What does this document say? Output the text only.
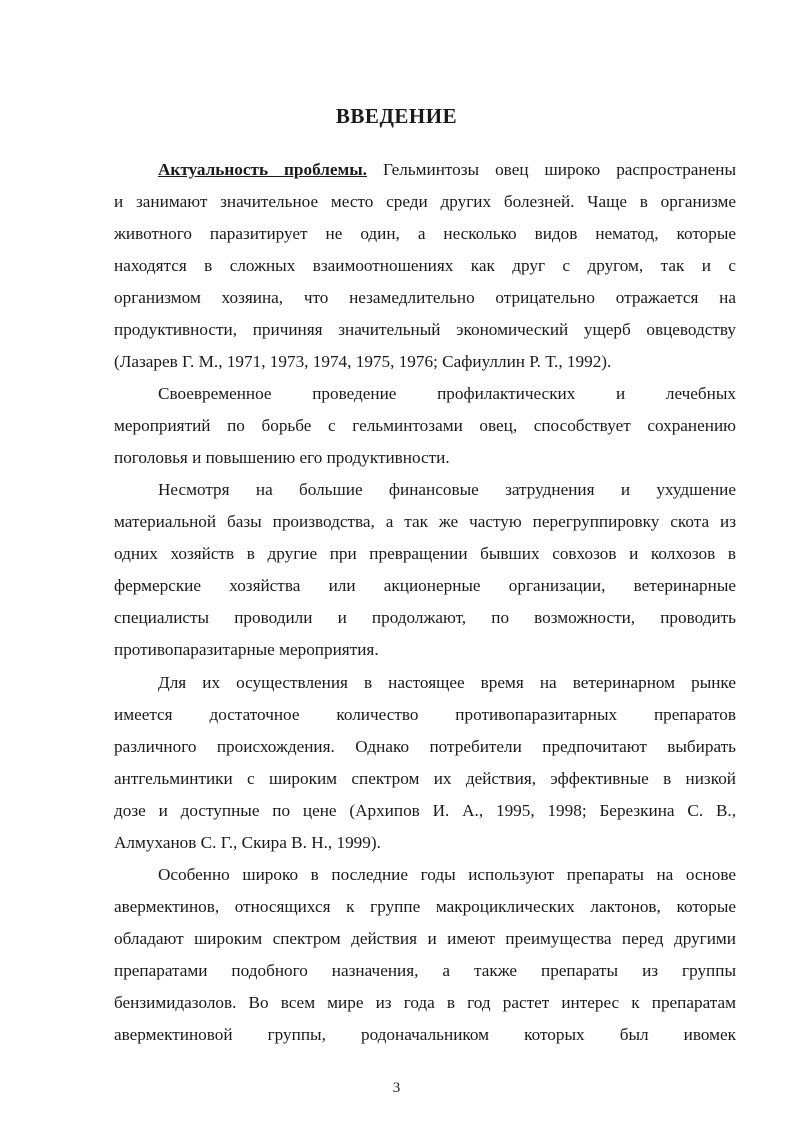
ВВЕДЕНИЕ
Актуальность проблемы. Гельминтозы овец широко распространены
и занимают значительное место среди других болезней. Чаще в организме
животного паразитирует не один, а несколько видов нематод, которые
находятся в сложных взаимоотношениях как друг с другом, так и с
организмом хозяина, что незамедлительно отрицательно отражается на
продуктивности, причиняя значительный экономический ущерб овцеводству
(Лазарев Г. М., 1971, 1973, 1974, 1975, 1976; Сафиуллин Р. Т., 1992).
Своевременное проведение профилактических и лечебных
мероприятий по борьбе с гельминтозами овец, способствует сохранению
поголовья и повышению его продуктивности.
Несмотря на большие финансовые затруднения и ухудшение
материальной базы производства, а так же частую перегруппировку скота из
одних хозяйств в другие при превращении бывших совхозов и колхозов в
фермерские хозяйства или акционерные организации, ветеринарные
специалисты проводили и продолжают, по возможности, проводить
противопаразитарные мероприятия.
Для их осуществления в настоящее время на ветеринарном рынке
имеется достаточное количество противопаразитарных препаратов
различного происхождения. Однако потребители предпочитают выбирать
антгельминтики с широким спектром их действия, эффективные в низкой
дозе и доступные по цене (Архипов И. А., 1995, 1998; Березкина С. В.,
Алмуханов С. Г., Скира В. Н., 1999).
Особенно широко в последние годы используют препараты на основе
авермектинов, относящихся к группе макроциклических лактонов, которые
обладают широким спектром действия и имеют преимущества перед другими
препаратами подобного назначения, а также препараты из группы
бензимидазолов. Во всем мире из года в год растет интерес к препаратам
авермектиновой группы, родоначальником которых был ивомек
3
